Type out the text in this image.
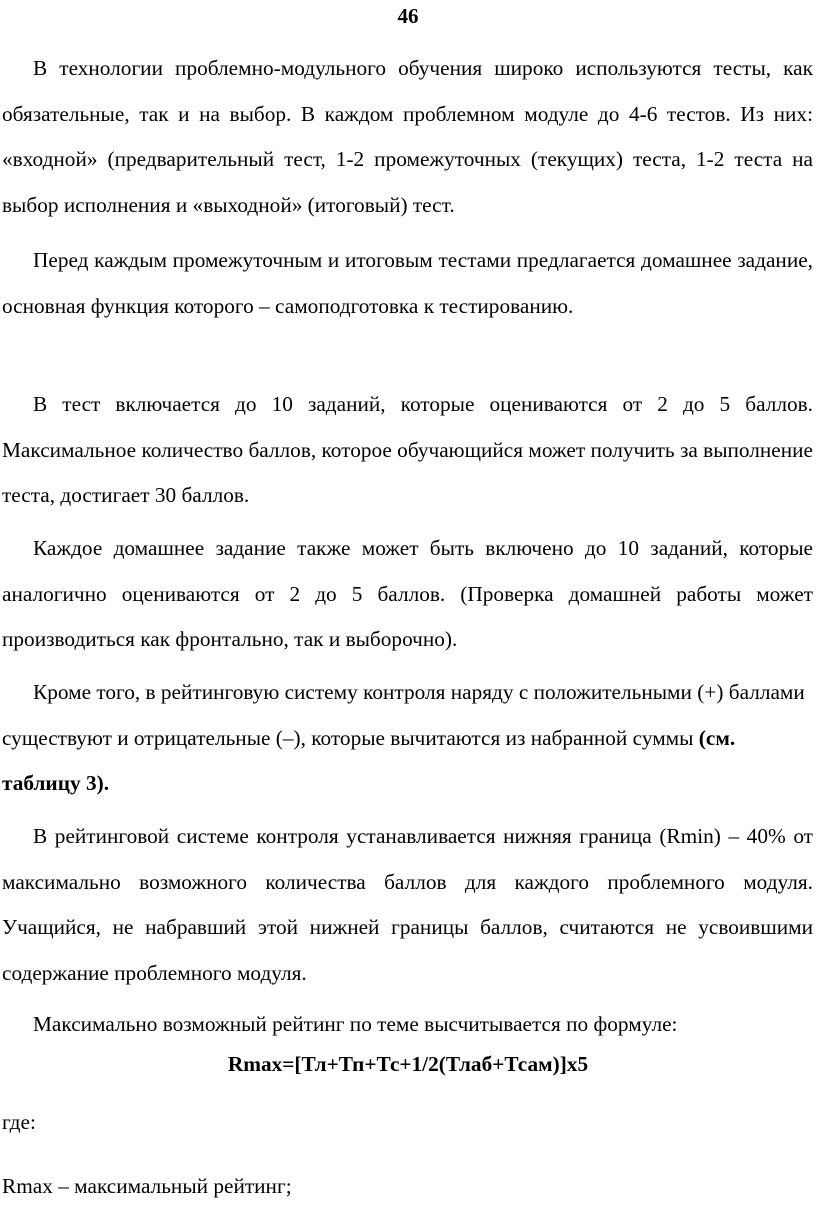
46

В технологии проблемно-модульного обучения широко используются тесты, как обязательные, так и на выбор. В каждом проблемном модуле до 4-6 тестов. Из них: «входной» (предварительный тест, 1-2 промежуточных (текущих) теста, 1-2 теста на выбор исполнения и «выходной» (итоговый) тест.

Перед каждым промежуточным и итоговым тестами предлагается домашнее задание, основная функция которого – самоподготовка к тестированию.

В тест включается до 10 заданий, которые оцениваются от 2 до 5 баллов. Максимальное количество баллов, которое обучающийся может получить за выполнение теста, достигает 30 баллов.

Каждое домашнее задание также может быть включено до 10 заданий, которые аналогично оцениваются от 2 до 5 баллов. (Проверка домашней работы может производиться как фронтально, так и выборочно).

Кроме того, в рейтинговую систему контроля наряду с положительными (+) баллами существуют и отрицательные (–), которые вычитаются из набранной суммы (см. таблицу 3).

В рейтинговой системе контроля устанавливается нижняя граница (Rmin) – 40% от максимально возможного количества баллов для каждого проблемного модуля. Учащийся, не набравший этой нижней границы баллов, считаются не усвоившими содержание проблемного модуля.

Максимально возможный рейтинг по теме высчитывается по формуле:

Rmax=[Тл+Тп+Тс+1/2(Тлаб+Тсам)]x5

где:

Rmax – максимальный рейтинг;
